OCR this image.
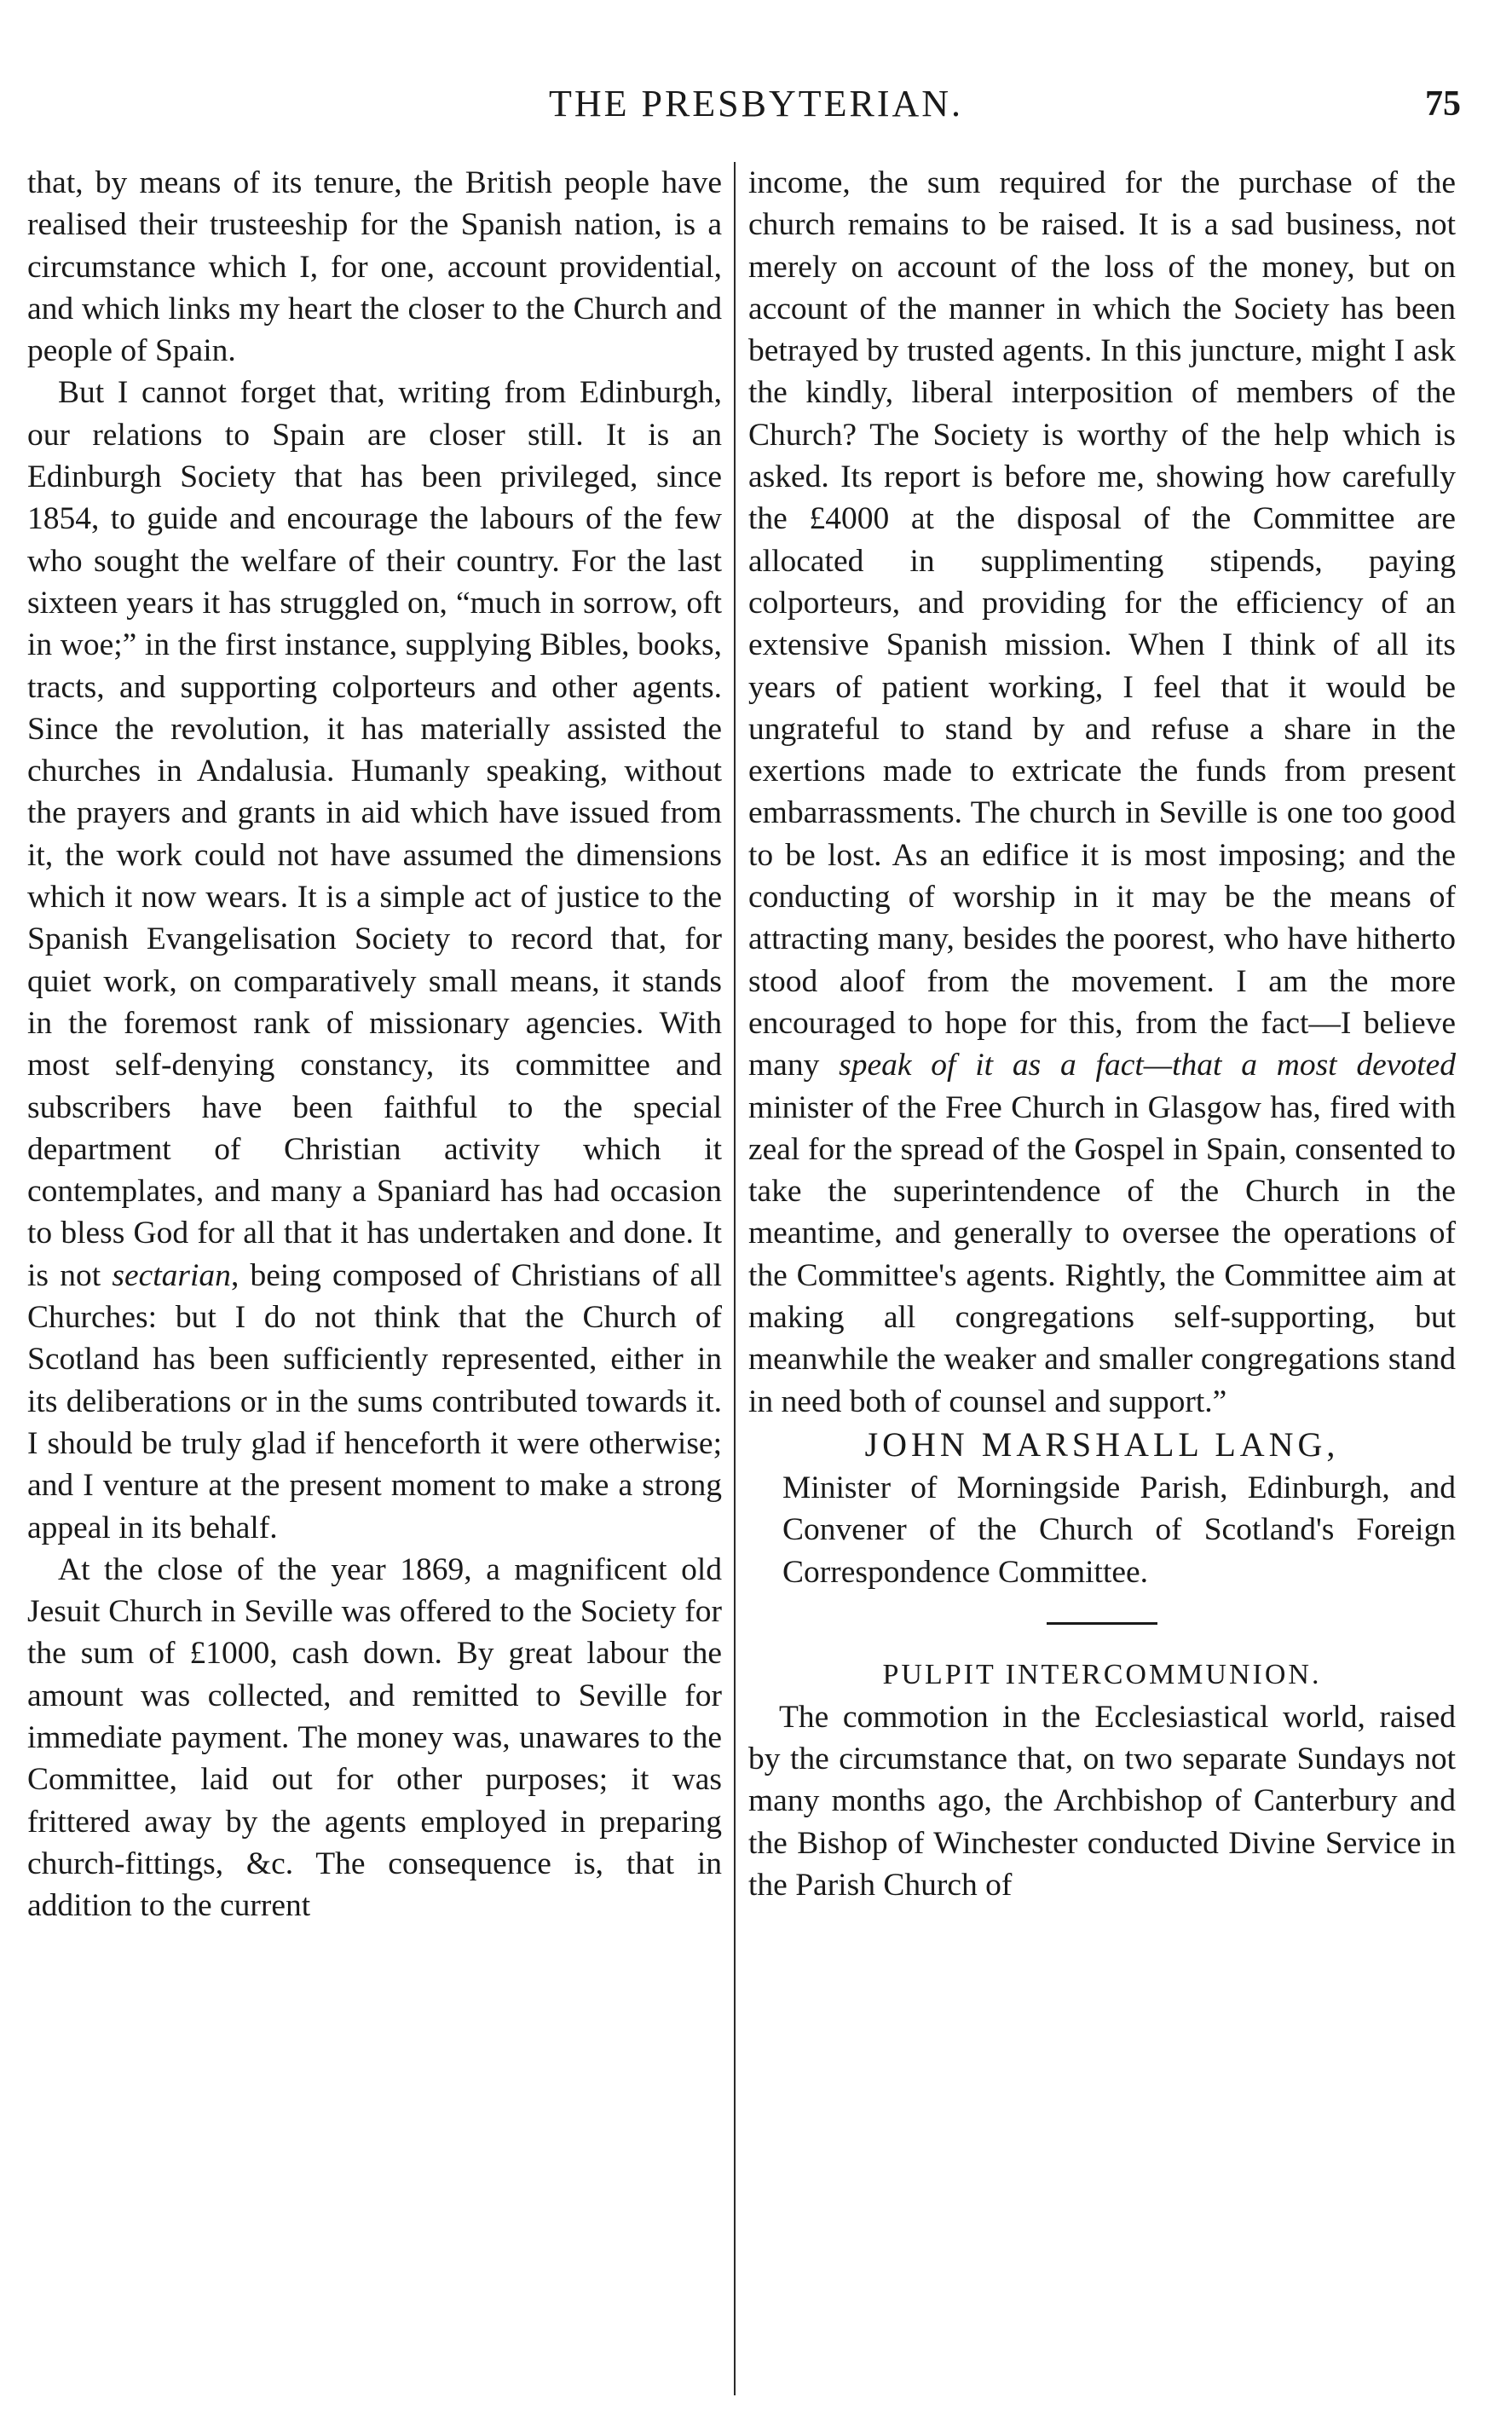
THE PRESBYTERIAN.	75

that, by means of its tenure, the British people have realised their trusteeship for the Spanish nation, is a circumstance which I, for one, account providential, and which links my heart the closer to the Church and people of Spain.

But I cannot forget that, writing from Edinburgh, our relations to Spain are closer still. It is an Edinburgh Society that has been privileged, since 1854, to guide and encourage the labours of the few who sought the welfare of their country. For the last sixteen years it has struggled on, “much in sorrow, oft in woe;” in the first instance, supplying Bibles, books, tracts, and supporting colporteurs and other agents. Since the revolution, it has materially assisted the churches in Andalusia. Humanly speaking, without the prayers and grants in aid which have issued from it, the work could not have assumed the dimensions which it now wears. It is a simple act of justice to the Spanish Evangelisation Society to record that, for quiet work, on comparatively small means, it stands in the foremost rank of missionary agencies. With most self-denying constancy, its committee and subscribers have been faithful to the special department of Christian activity which it contemplates, and many a Spaniard has had occasion to bless God for all that it has undertaken and done. It is not sectarian, being composed of Christians of all Churches: but I do not think that the Church of Scotland has been sufficiently represented, either in its deliberations or in the sums contributed towards it. I should be truly glad if henceforth it were otherwise; and I venture at the present moment to make a strong appeal in its behalf.

At the close of the year 1869, a magnificent old Jesuit Church in Seville was offered to the Society for the sum of £1000, cash down. By great labour the amount was collected, and remitted to Seville for immediate payment. The money was, unawares to the Committee, laid out for other purposes; it was frittered away by the agents employed in preparing church-fittings, &c. The consequence is, that in addition to the current

income, the sum required for the purchase of the church remains to be raised. It is a sad business, not merely on account of the loss of the money, but on account of the manner in which the Society has been betrayed by trusted agents. In this juncture, might I ask the kindly, liberal interposition of members of the Church? The Society is worthy of the help which is asked. Its report is before me, showing how carefully the £4000 at the disposal of the Committee are allocated in supplimenting stipends, paying colporteurs, and providing for the efficiency of an extensive Spanish mission. When I think of all its years of patient working, I feel that it would be ungrateful to stand by and refuse a share in the exertions made to extricate the funds from present embarrassments. The church in Seville is one too good to be lost. As an edifice it is most imposing; and the conducting of worship in it may be the means of attracting many, besides the poorest, who have hitherto stood aloof from the movement. I am the more encouraged to hope for this, from the fact—I believe many speak of it as a fact—that a most devoted minister of the Free Church in Glasgow has, fired with zeal for the spread of the Gospel in Spain, consented to take the superintendence of the Church in the meantime, and generally to oversee the operations of the Committee's agents. Rightly, the Committee aim at making all congregations self-supporting, but meanwhile the weaker and smaller congregations stand in need both of counsel and support.”

JOHN MARSHALL LANG,

Minister of Morningside Parish, Edinburgh, and Convener of the Church of Scotland's Foreign Correspondence Committee.

PULPIT INTERCOMMUNION.

The commotion in the Ecclesiastical world, raised by the circumstance that, on two separate Sundays not many months ago, the Archbishop of Canterbury and the Bishop of Winchester conducted Divine Service in the Parish Church of
